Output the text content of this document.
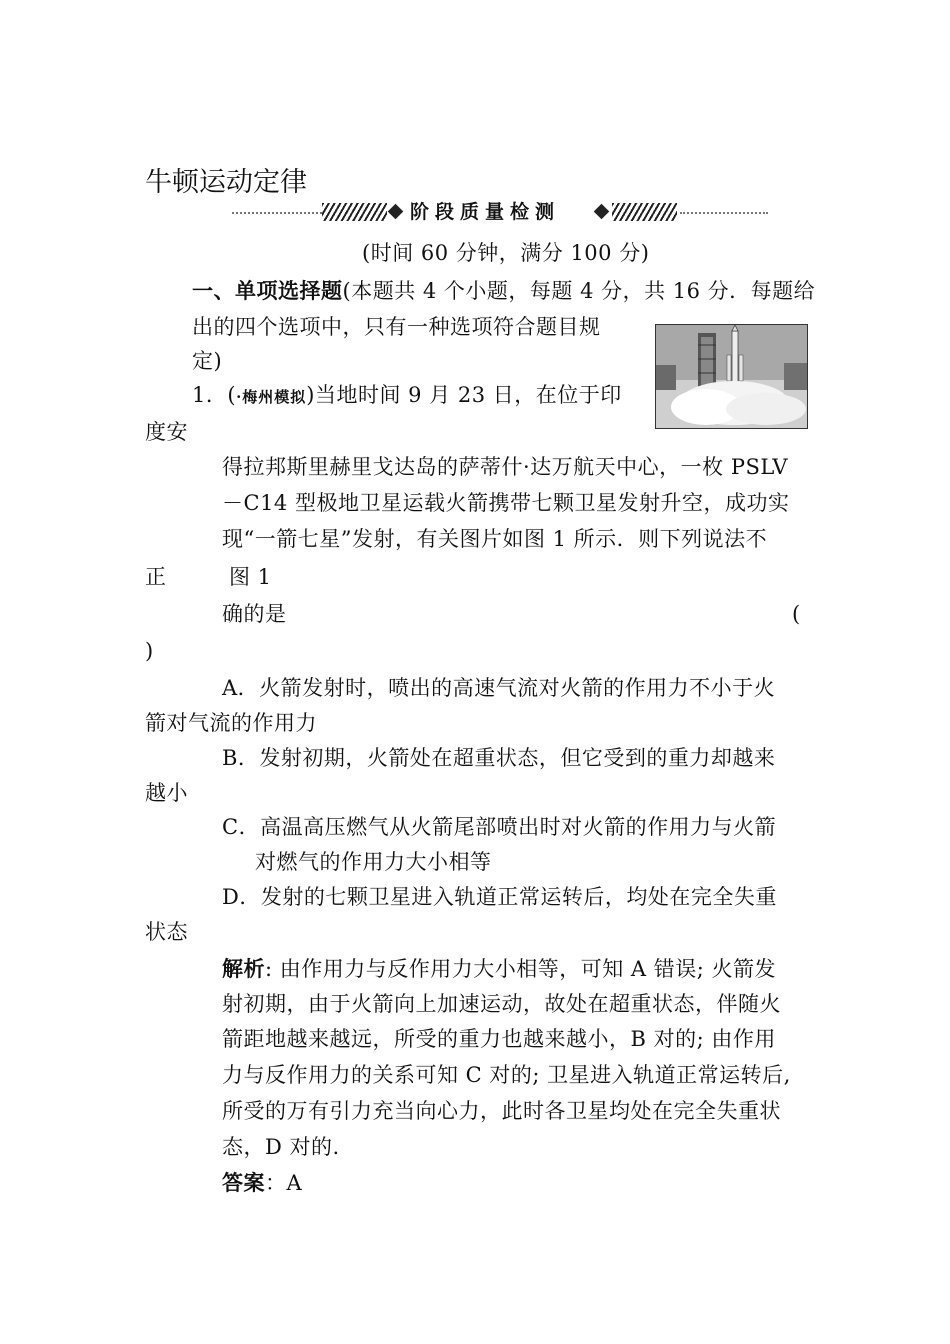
牛顿运动定律
阶段质量检测
(时间 60 分钟，满分 100 分)
一、单项选择题(本题共 4 个小题，每题 4 分，共 16 分．每题给
出的四个选项中，只有一种选项符合题目规
定)
1．(·梅州模拟)当地时间 9 月 23 日，在位于印
度安
得拉邦斯里赫里戈达岛的萨蒂什·达万航天中心，一枚 PSLV
－C14 型极地卫星运载火箭携带七颗卫星发射升空，成功实
现“一箭七星”发射，有关图片如图 1 所示．则下列说法不
正	图 1
确的是	(
)
A．火箭发射时，喷出的高速气流对火箭的作用力不小于火
箭对气流的作用力
B．发射初期，火箭处在超重状态，但它受到的重力却越来
越小
C．高温高压燃气从火箭尾部喷出时对火箭的作用力与火箭
对燃气的作用力大小相等
D．发射的七颗卫星进入轨道正常运转后，均处在完全失重
状态
解析: 由作用力与反作用力大小相等，可知 A 错误; 火箭发
射初期，由于火箭向上加速运动，故处在超重状态，伴随火
箭距地越来越远，所受的重力也越来越小，B 对的; 由作用
力与反作用力的关系可知 C 对的; 卫星进入轨道正常运转后,
所受的万有引力充当向心力，此时各卫星均处在完全失重状
态，D 对的.
答案：A
